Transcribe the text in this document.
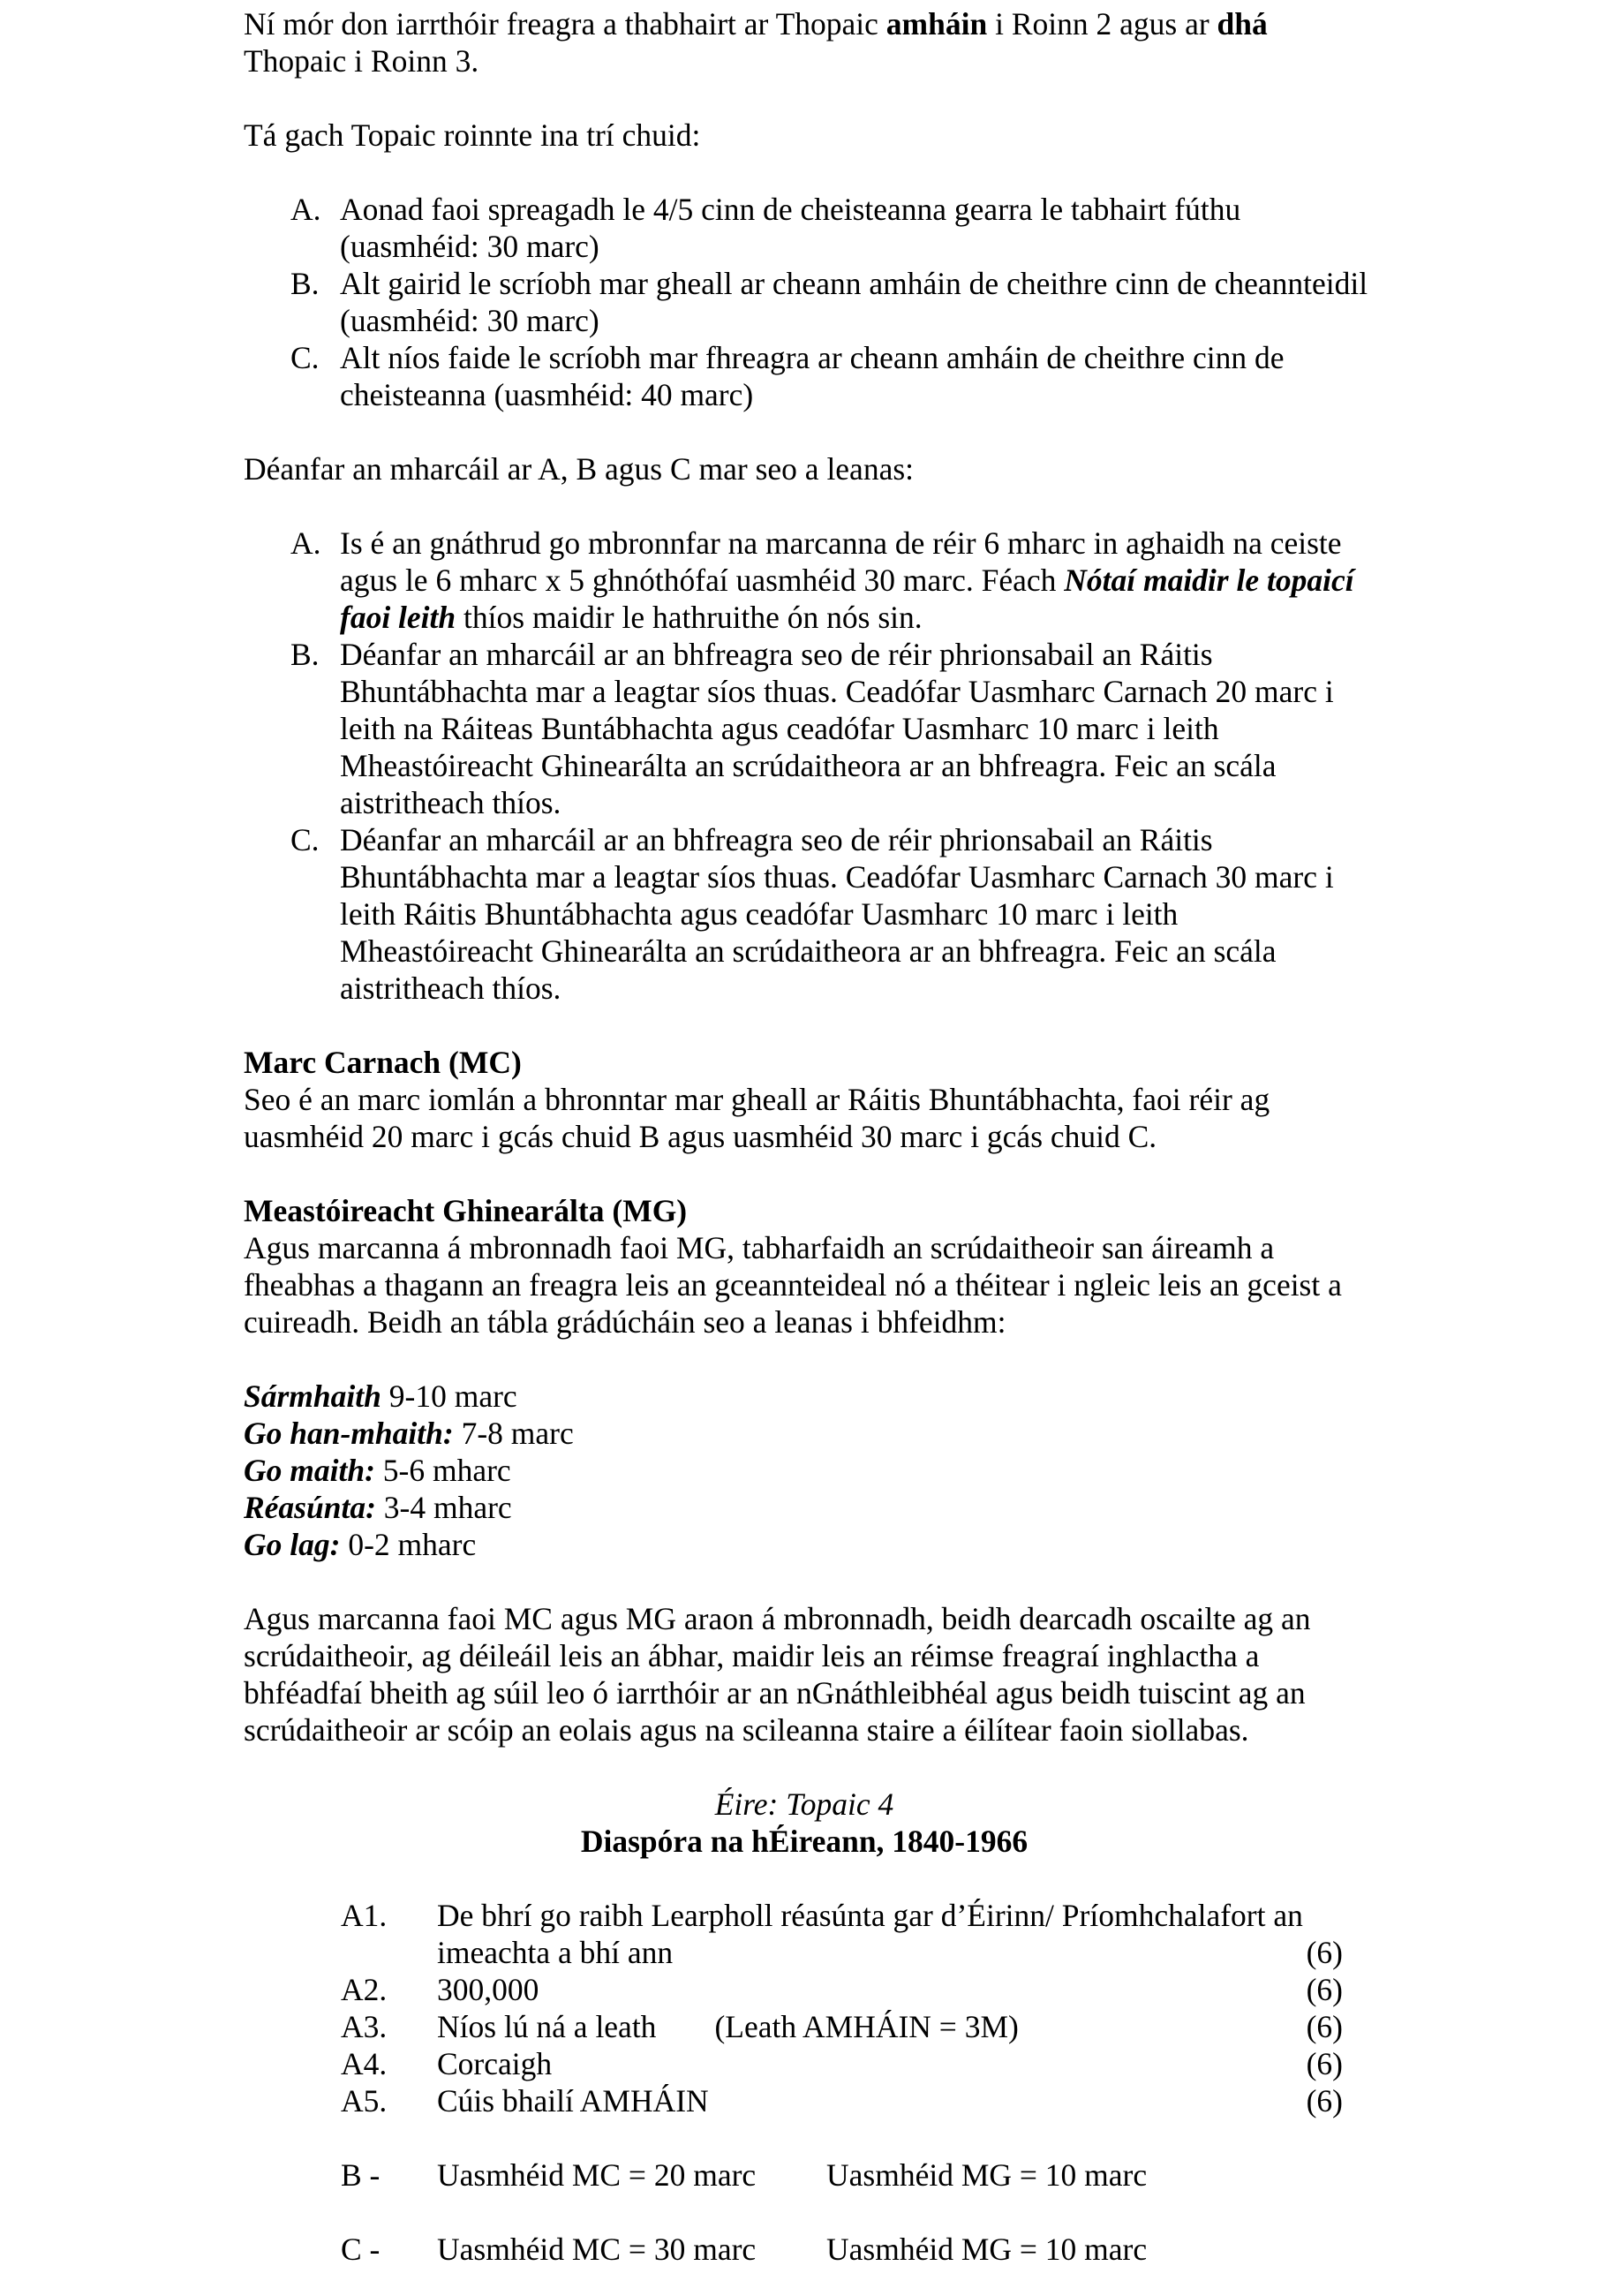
Ní mór don iarrthóir freagra a thabhairt ar Thopaic amháin i Roinn 2 agus ar dhá
Thopaic i Roinn 3.

Tá gach Topaic roinnte ina trí chuid:

A. Aonad faoi spreagadh le 4/5 cinn de cheisteanna gearra le tabhairt fúthu (uasmhéid: 30 marc)
B. Alt gairid le scríobh mar gheall ar cheann amháin de cheithre cinn de cheannteidil (uasmhéid: 30 marc)
C. Alt níos faide le scríobh mar fhreagra ar cheann amháin de cheithre cinn de cheisteanna (uasmhéid: 40 marc)

Déanfar an mharcáil ar A, B agus C mar seo a leanas:

A. Is é an gnáthrud go mbronnfar na marcanna de réir 6 mharc in aghaidh na ceiste agus le 6 mharc x 5 ghnóthófaí uasmhéid 30 marc. Féach Nótaí maidir le topaicí faoi leith thíos maidir le hathruithe ón nós sin.
B. Déanfar an mharcáil ar an bhfreagra seo de réir phrionsabail an Ráitis Bhuntábhachta mar a leagtar síos thuas. Ceadófar Uasmharc Carnach 20 marc i leith na Ráiteas Buntábhachta agus ceadófar Uasmharc 10 marc i leith Mheastóireacht Ghinearálta an scrúdaitheora ar an bhfreagra. Feic an scála aistritheach thíos.
C. Déanfar an mharcáil ar an bhfreagra seo de réir phrionsabail an Ráitis Bhuntábhachta mar a leagtar síos thuas. Ceadófar Uasmharc Carnach 30 marc i leith Ráitis Bhuntábhachta agus ceadófar Uasmharc 10 marc i leith Mheastóireacht Ghinearálta an scrúdaitheora ar an bhfreagra. Feic an scála aistritheach thíos.

Marc Carnach (MC)

Seo é an marc iomlán a bhronntar mar gheall ar Ráitis Bhuntábhachta, faoi réir ag uasmhéid 20 marc i gcás chuid B agus uasmhéid 30 marc i gcás chuid C.

Meastóireacht Ghinearálta (MG)

Agus marcanna á mbronnadh faoi MG, tabharfaidh an scrúdaitheoir san áireamh a fheabhas a thagann an freagra leis an gceannteideal nó a théitear i ngleic leis an gceist a cuireadh. Beidh an tábla grádúcháin seo a leanas i bhfeidhm:

Sármhaith 9-10 marc

Go han-mhaith: 7-8 marc

Go maith: 5-6 mharc

Réasúnta: 3-4 mharc

Go lag: 0-2 mharc

Agus marcanna faoi MC agus MG araon á mbronnadh, beidh dearcadh oscailte ag an scrúdaitheoir, ag déileáil leis an ábhar, maidir leis an réimse freagraí inghlactha a bhféadfaí bheith ag súil leo ó iarrthóir ar an nGnáthleibhéal agus beidh tuiscint ag an scrúdaitheoir ar scóip an eolais agus na scileanna staire a éilítear faoin siollabas.

Éire: Topaic 4

Diaspóra na hÉireann, 1840-1966

A1. De bhrí go raibh Learpholl réasúnta gar d’Éirinn/ Príomhchalafort an imeachta a bhí ann	(6)
A2. 300,000	(6)
A3. Níos lú ná a leath (Leath AMHÁIN = 3M)	(6)
A4. Corcaigh	(6)
A5. Cúis bhailí AMHÁIN	(6)
B - Uasmhéid MC = 20 marc Uasmhéid MG = 10 marc
C - Uasmhéid MC = 30 marc Uasmhéid MG = 10 marc
